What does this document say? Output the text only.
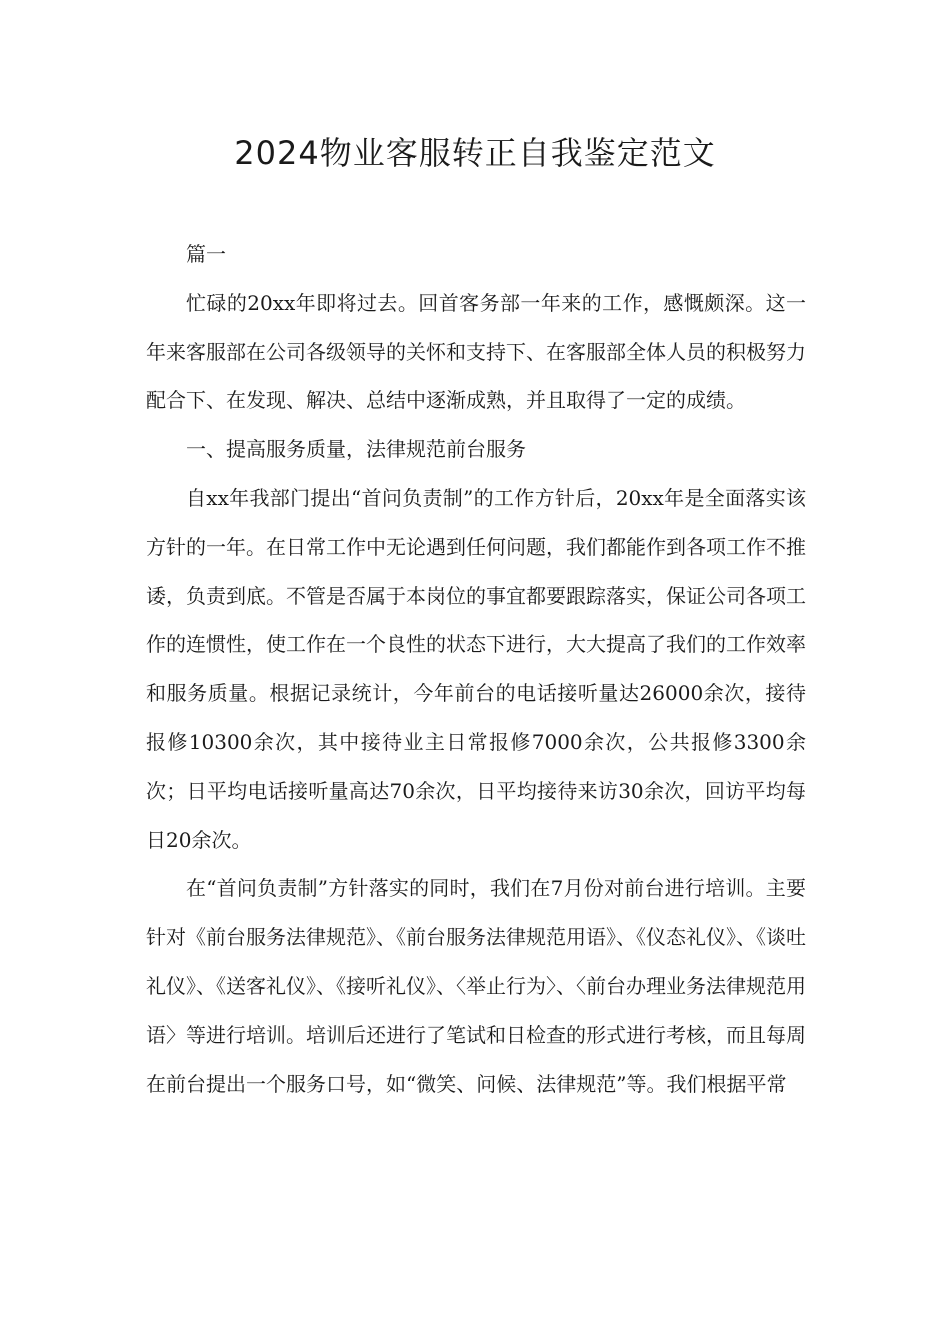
2024物业客服转正自我鉴定范文

篇一

忙碌的20xx年即将过去。回首客务部一年来的工作，感慨颇深。这一年来客服部在公司各级领导的关怀和支持下、在客服部全体人员的积极努力配合下、在发现、解决、总结中逐渐成熟，并且取得了一定的成绩。

一、提高服务质量，法律规范前台服务

自xx年我部门提出“首问负责制”的工作方针后，20xx年是全面落实该方针的一年。在日常工作中无论遇到任何问题，我们都能作到各项工作不推诿，负责到底。不管是否属于本岗位的事宜都要跟踪落实，保证公司各项工作的连惯性，使工作在一个良性的状态下进行，大大提高了我们的工作效率和服务质量。根据记录统计，今年前台的电话接听量达26000余次，接待报修10300余次，其中接待业主日常报修7000余次，公共报修3300余次；日平均电话接听量高达70余次，日平均接待来访30余次，回访平均每日20余次。

在“首问负责制”方针落实的同时，我们在7月份对前台进行培训。主要针对《前台服务法律规范》、《前台服务法律规范用语》、《仪态礼仪》、《谈吐礼仪》、《送客礼仪》、《接听礼仪》、〈举止行为〉、〈前台办理业务法律规范用语〉等进行培训。培训后还进行了笔试和日检查的形式进行考核，而且每周在前台提出一个服务口号，如“微笑、问候、法律规范”等。我们根据平常
